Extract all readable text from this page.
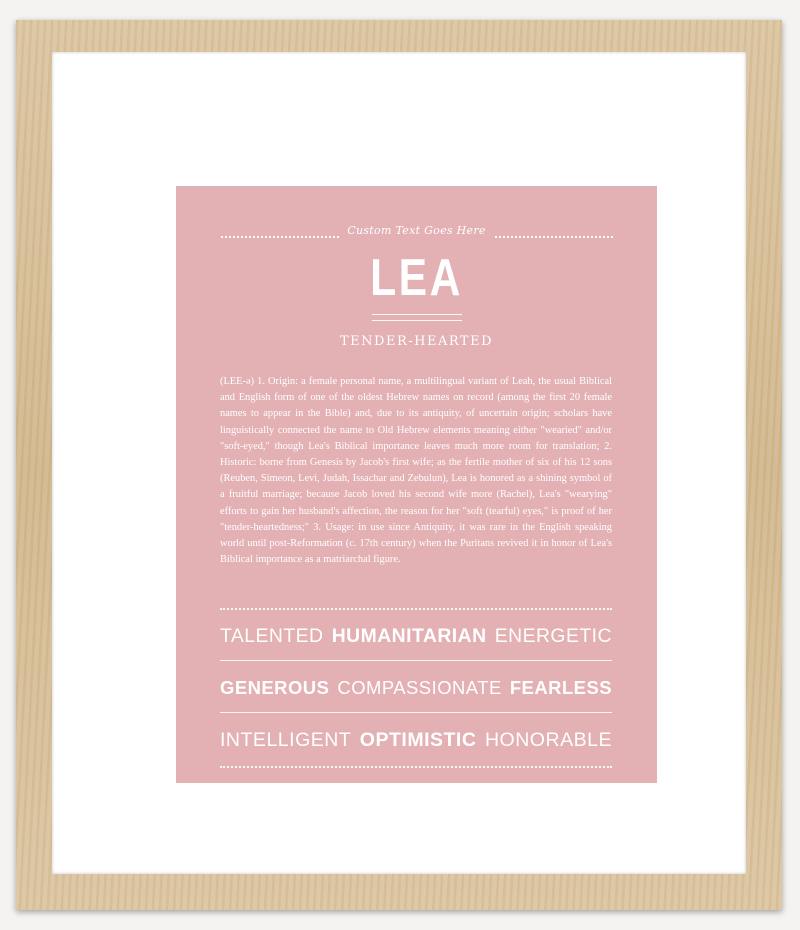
Custom Text Goes Here
LEA
TENDER-HEARTED
(LEE-ə) 1. Origin: a female personal name, a multilingual variant of Leah, the usual Biblical and English form of one of the oldest Hebrew names on record (among the first 20 female names to appear in the Bible) and, due to its antiquity, of uncertain origin; scholars have linguistically connected the name to Old Hebrew elements meaning either "wearied" and/or "soft-eyed," though Lea's Biblical importance leaves much more room for translation; 2. Historic: borne from Genesis by Jacob's first wife; as the fertile mother of six of his 12 sons (Reuben, Simeon, Levi, Judah, Issachar and Zebulun), Lea is honored as a shining symbol of a fruitful marriage; because Jacob loved his second wife more (Rachel), Lea's "wearying" efforts to gain her husband's affection, the reason for her "soft (tearful) eyes," is proof of her "tender-heartedness;" 3. Usage: in use since Antiquity, it was rare in the English speaking world until post-Reformation (c. 17th century) when the Puritans revived it in honor of Lea's Biblical importance as a matriarchal figure.
TALENTED HUMANITARIAN ENERGETIC
GENEROUS COMPASSIONATE FEARLESS
INTELLIGENT OPTIMISTIC HONORABLE
